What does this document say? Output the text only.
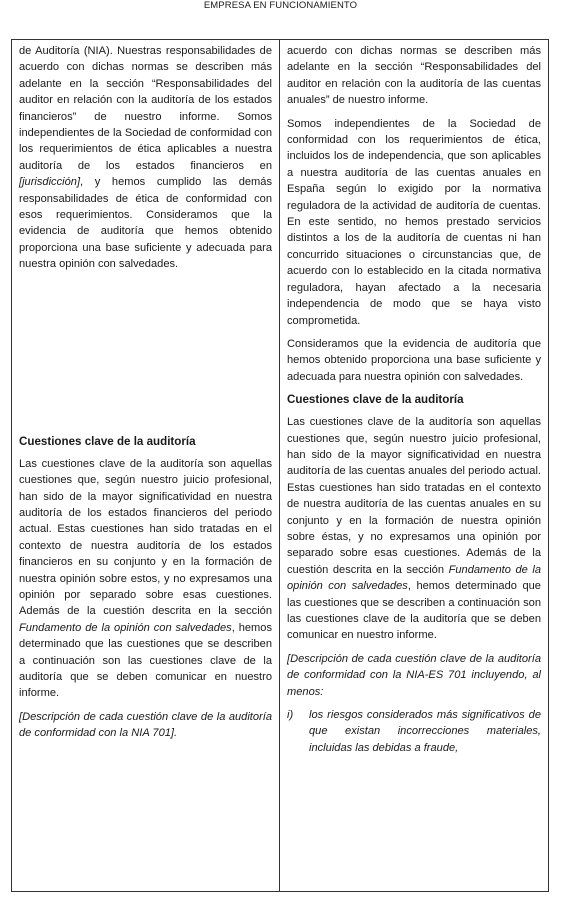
EMPRESA EN FUNCIONAMIENTO

de Auditoría (NIA). Nuestras responsabilidades de acuerdo con dichas normas se describen más adelante en la sección “Responsabilidades del auditor en relación con la auditoría de los estados financieros” de nuestro informe. Somos independientes de la Sociedad de conformidad con los requerimientos de ética aplicables a nuestra auditoría de los estados financieros en [jurisdicción], y hemos cumplido las demás responsabilidades de ética de conformidad con esos requerimientos. Consideramos que la evidencia de auditoría que hemos obtenido proporciona una base suficiente y adecuada para nuestra opinión con salvedades.

Cuestiones clave de la auditoría

Las cuestiones clave de la auditoría son aquellas cuestiones que, según nuestro juicio profesional, han sido de la mayor significatividad en nuestra auditoría de los estados financieros del periodo actual. Estas cuestiones han sido tratadas en el contexto de nuestra auditoría de los estados financieros en su conjunto y en la formación de nuestra opinión sobre estos, y no expresamos una opinión por separado sobre esas cuestiones. Además de la cuestión descrita en la sección Fundamento de la opinión con salvedades, hemos determinado que las cuestiones que se describen a continuación son las cuestiones clave de la auditoría que se deben comunicar en nuestro informe.

[Descripción de cada cuestión clave de la auditoría de conformidad con la NIA 701].

acuerdo con dichas normas se describen más adelante en la sección “Responsabilidades del auditor en relación con la auditoría de las cuentas anuales” de nuestro informe.

Somos independientes de la Sociedad de conformidad con los requerimientos de ética, incluidos los de independencia, que son aplicables a nuestra auditoría de las cuentas anuales en España según lo exigido por la normativa reguladora de la actividad de auditoría de cuentas. En este sentido, no hemos prestado servicios distintos a los de la auditoría de cuentas ni han concurrido situaciones o circunstancias que, de acuerdo con lo establecido en la citada normativa reguladora, hayan afectado a la necesaria independencia de modo que se haya visto comprometida.

Consideramos que la evidencia de auditoría que hemos obtenido proporciona una base suficiente y adecuada para nuestra opinión con salvedades.

Cuestiones clave de la auditoría

Las cuestiones clave de la auditoría son aquellas cuestiones que, según nuestro juicio profesional, han sido de la mayor significatividad en nuestra auditoría de las cuentas anuales del periodo actual. Estas cuestiones han sido tratadas en el contexto de nuestra auditoría de las cuentas anuales en su conjunto y en la formación de nuestra opinión sobre éstas, y no expresamos una opinión por separado sobre esas cuestiones. Además de la cuestión descrita en la sección Fundamento de la opinión con salvedades, hemos determinado que las cuestiones que se describen a continuación son las cuestiones clave de la auditoría que se deben comunicar en nuestro informe.

[Descripción de cada cuestión clave de la auditoría de conformidad con la NIA-ES 701 incluyendo, al menos:

i)	los riesgos considerados más significativos de que existan incorrecciones materiales, incluidas las debidas a fraude,
